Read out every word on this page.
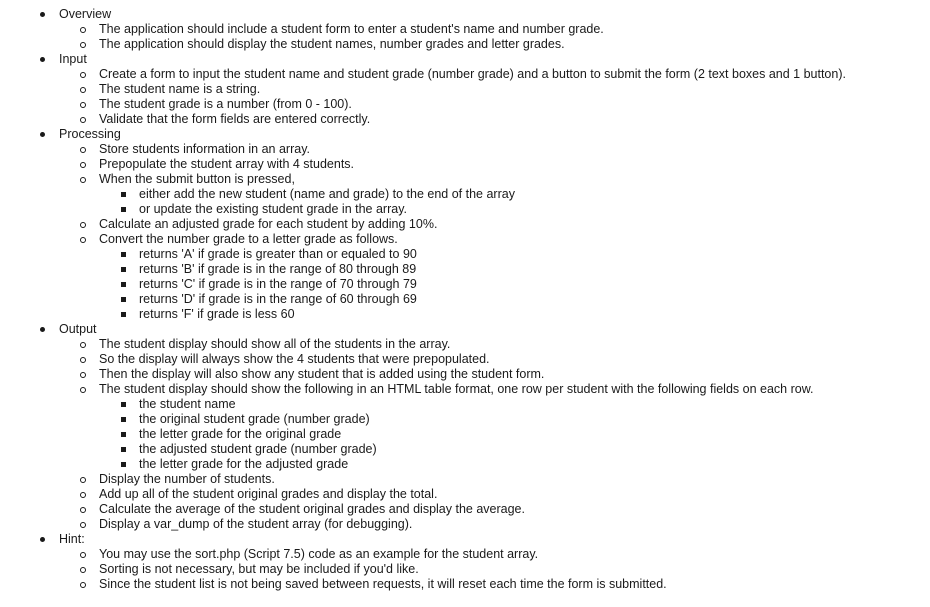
Overview
The application should include a student form to enter a student's name and number grade.
The application should display the student names, number grades and letter grades.
Input
Create a form to input the student name and student grade (number grade) and a button to submit the form (2 text boxes and 1 button).
The student name is a string.
The student grade is a number (from 0 - 100).
Validate that the form fields are entered correctly.
Processing
Store students information in an array.
Prepopulate the student array with 4 students.
When the submit button is pressed,
either add the new student (name and grade) to the end of the array
or update the existing student grade in the array.
Calculate an adjusted grade for each student by adding 10%.
Convert the number grade to a letter grade as follows.
returns 'A' if grade is greater than or equaled to 90
returns 'B' if grade is in the range of 80 through 89
returns 'C' if grade is in the range of 70 through 79
returns 'D' if grade is in the range of 60 through 69
returns 'F' if grade is less 60
Output
The student display should show all of the students in the array.
So the display will always show the 4 students that were prepopulated.
Then the display will also show any student that is added using the student form.
The student display should show the following in an HTML table format, one row per student with the following fields on each row.
the student name
the original student grade (number grade)
the letter grade for the original grade
the adjusted student grade (number grade)
the letter grade for the adjusted grade
Display the number of students.
Add up all of the student original grades and display the total.
Calculate the average of the student original grades and display the average.
Display a var_dump of the student array (for debugging).
Hint:
You may use the sort.php (Script 7.5) code as an example for the student array.
Sorting is not necessary, but may be included if you'd like.
Since the student list is not being saved between requests, it will reset each time the form is submitted.
